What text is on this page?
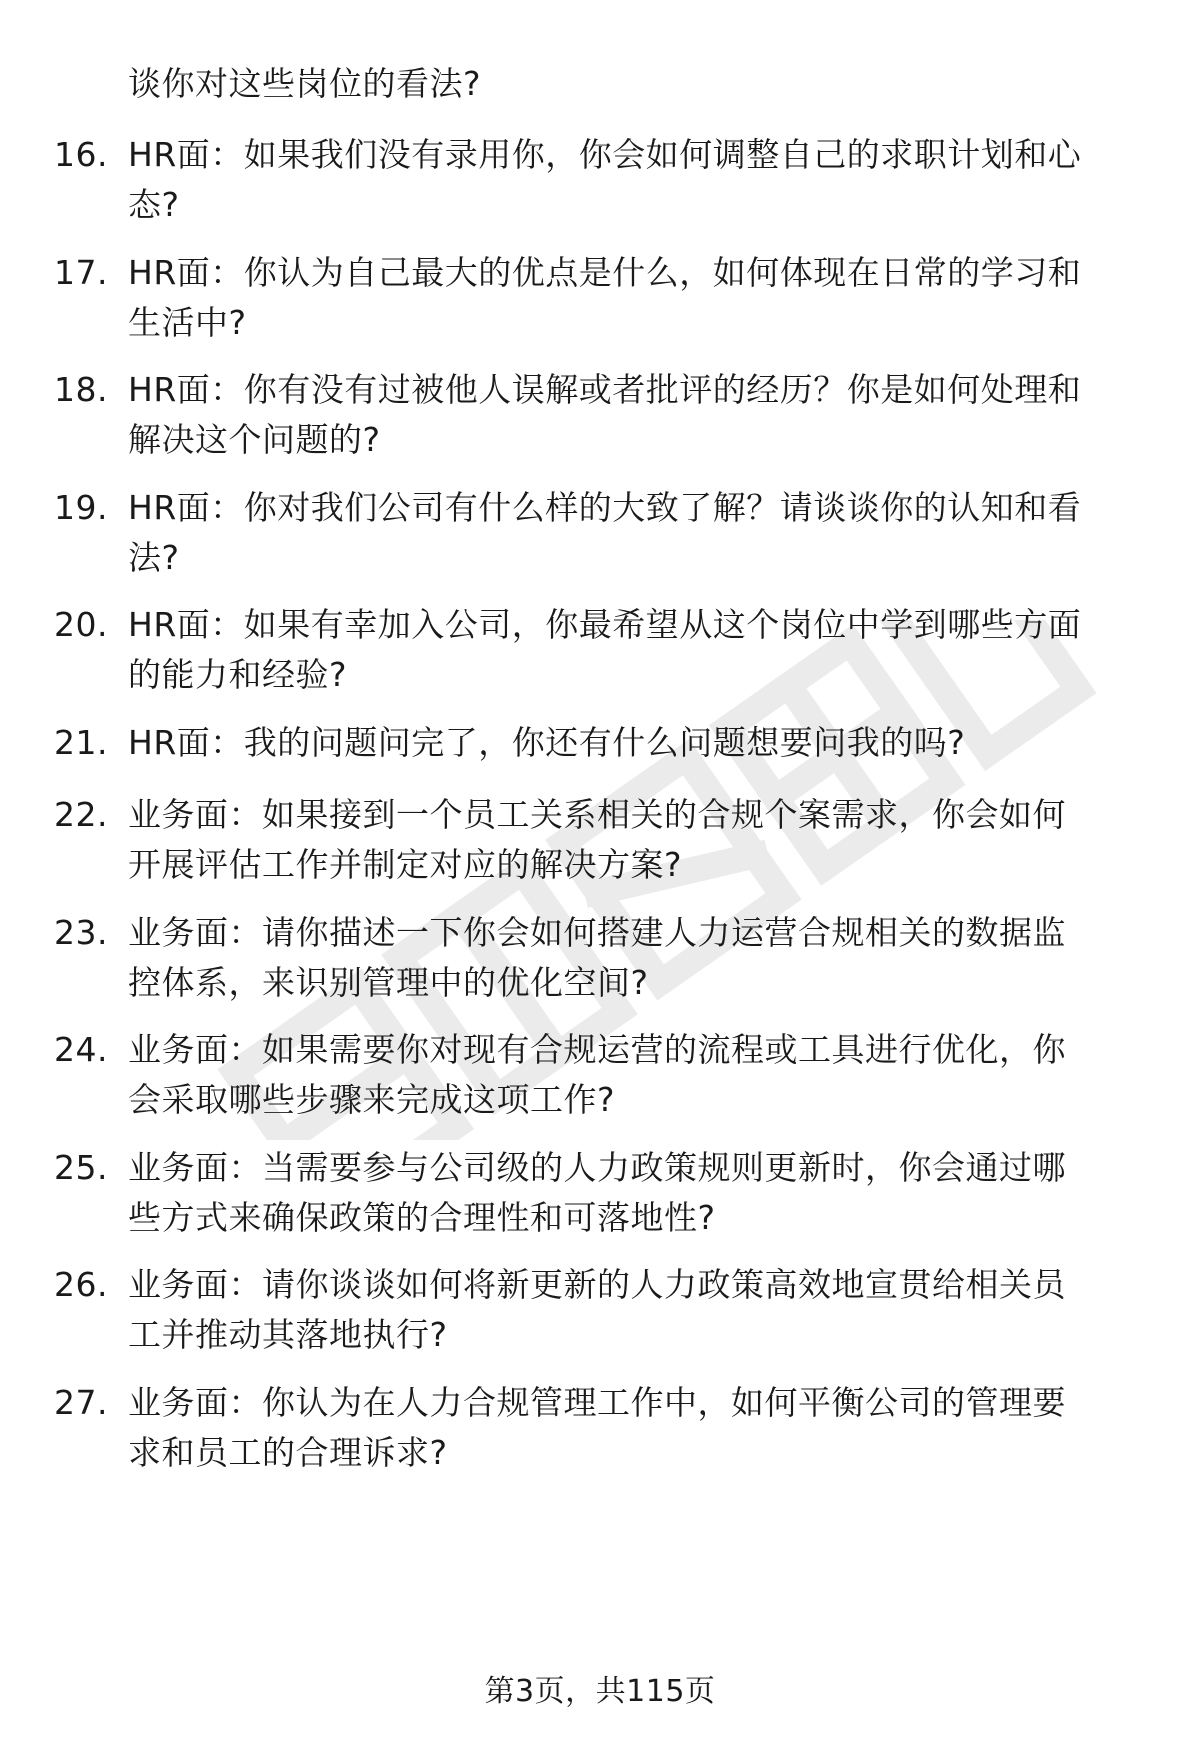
谈你对这些岗位的看法?
16. HR面：如果我们没有录用你，你会如何调整自己的求职计划和心
态?
17. HR面：你认为自己最大的优点是什么，如何体现在日常的学习和
生活中?
18. HR面：你有没有过被他人误解或者批评的经历？你是如何处理和
解决这个问题的?
19. HR面：你对我们公司有什么样的大致了解？请谈谈你的认知和看
法?
20. HR面：如果有幸加入公司，你最希望从这个岗位中学到哪些方面
的能力和经验?
21. HR面：我的问题问完了，你还有什么问题想要问我的吗?
22. 业务面：如果接到一个员工关系相关的合规个案需求，你会如何
开展评估工作并制定对应的解决方案?
23. 业务面：请你描述一下你会如何搭建人力运营合规相关的数据监
控体系，来识别管理中的优化空间?
24. 业务面：如果需要你对现有合规运营的流程或工具进行优化，你
会采取哪些步骤来完成这项工作?
25. 业务面：当需要参与公司级的人力政策规则更新时，你会通过哪
些方式来确保政策的合理性和可落地性?
26. 业务面：请你谈谈如何将新更新的人力政策高效地宣贯给相关员
工并推动其落地执行?
27. 业务面：你认为在人力合规管理工作中，如何平衡公司的管理要
求和员工的合理诉求?
第3页，共115页
